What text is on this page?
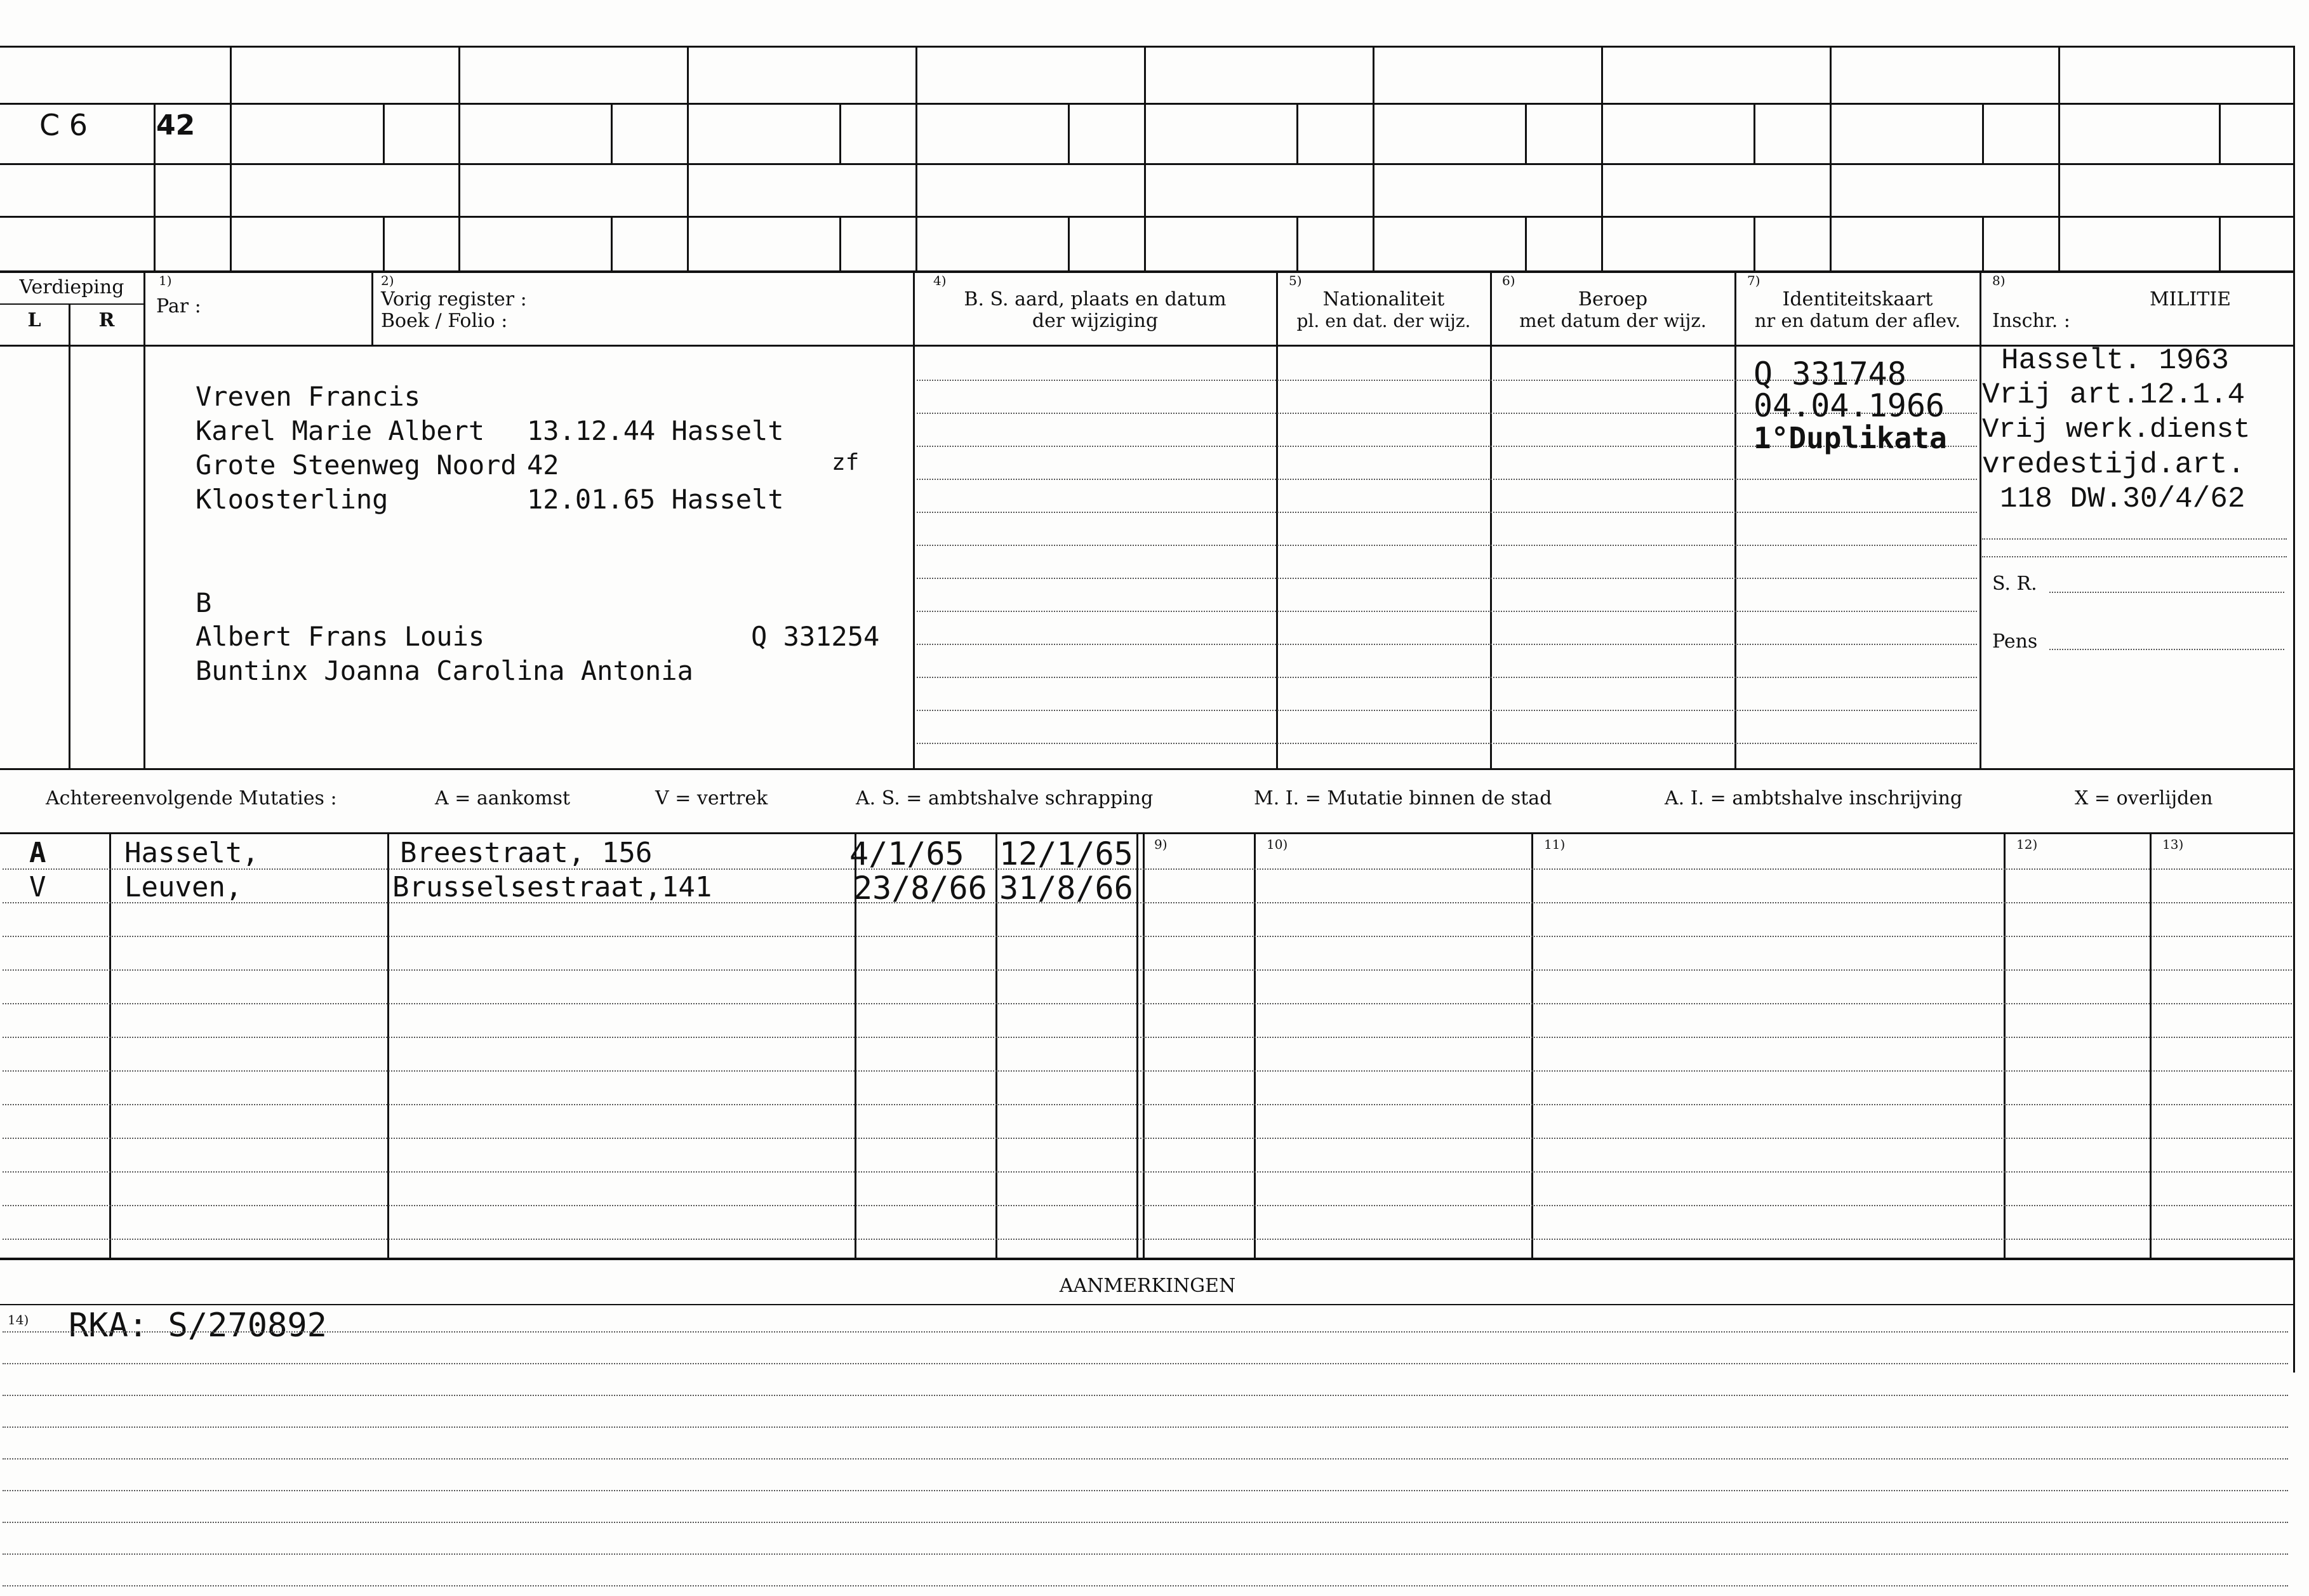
C 6 42
Verdieping
L	R
1)
Par :
2)
Vorig register :
Boek / Folio :
4)
B. S. aard, plaats en datum
der wijziging
5)
Nationaliteit
pl. en dat. der wijz.
6)
Beroep
met datum der wijz.
7)
Identiteitskaart
nr en datum der aflev.
8)
MILITIE
Inschr. :
Vreven Francis
Karel Marie Albert 13.12.44 Hasselt
Grote Steenweg Noord 42	zf
Kloosterling	12.01.65 Hasselt
B
Albert Frans Louis	Q 331254
Buntinx Joanna Carolina Antonia
Q 331748
04.04.1966
1°Duplikata
Hasselt. 1963
Vrij art.12.1.4
Vrij werk.dienst
vredestijd.art.
118 DW.30/4/62
S. R.
Pens
Achtereenvolgende Mutaties :	A = aankomst	V = vertrek	A. S. = ambtshalve schrapping	M. I. = Mutatie binnen de stad	A. I. = ambtshalve inschrijving	X = overlijden
9)	10)	11)	12)	13)
A	Hasselt,	Breestraat, 156	4/1/65 12/1/65
V	Leuven,	Brusselsestraat,141	23/8/66 31/8/66
AANMERKINGEN
14) RKA: S/270892
